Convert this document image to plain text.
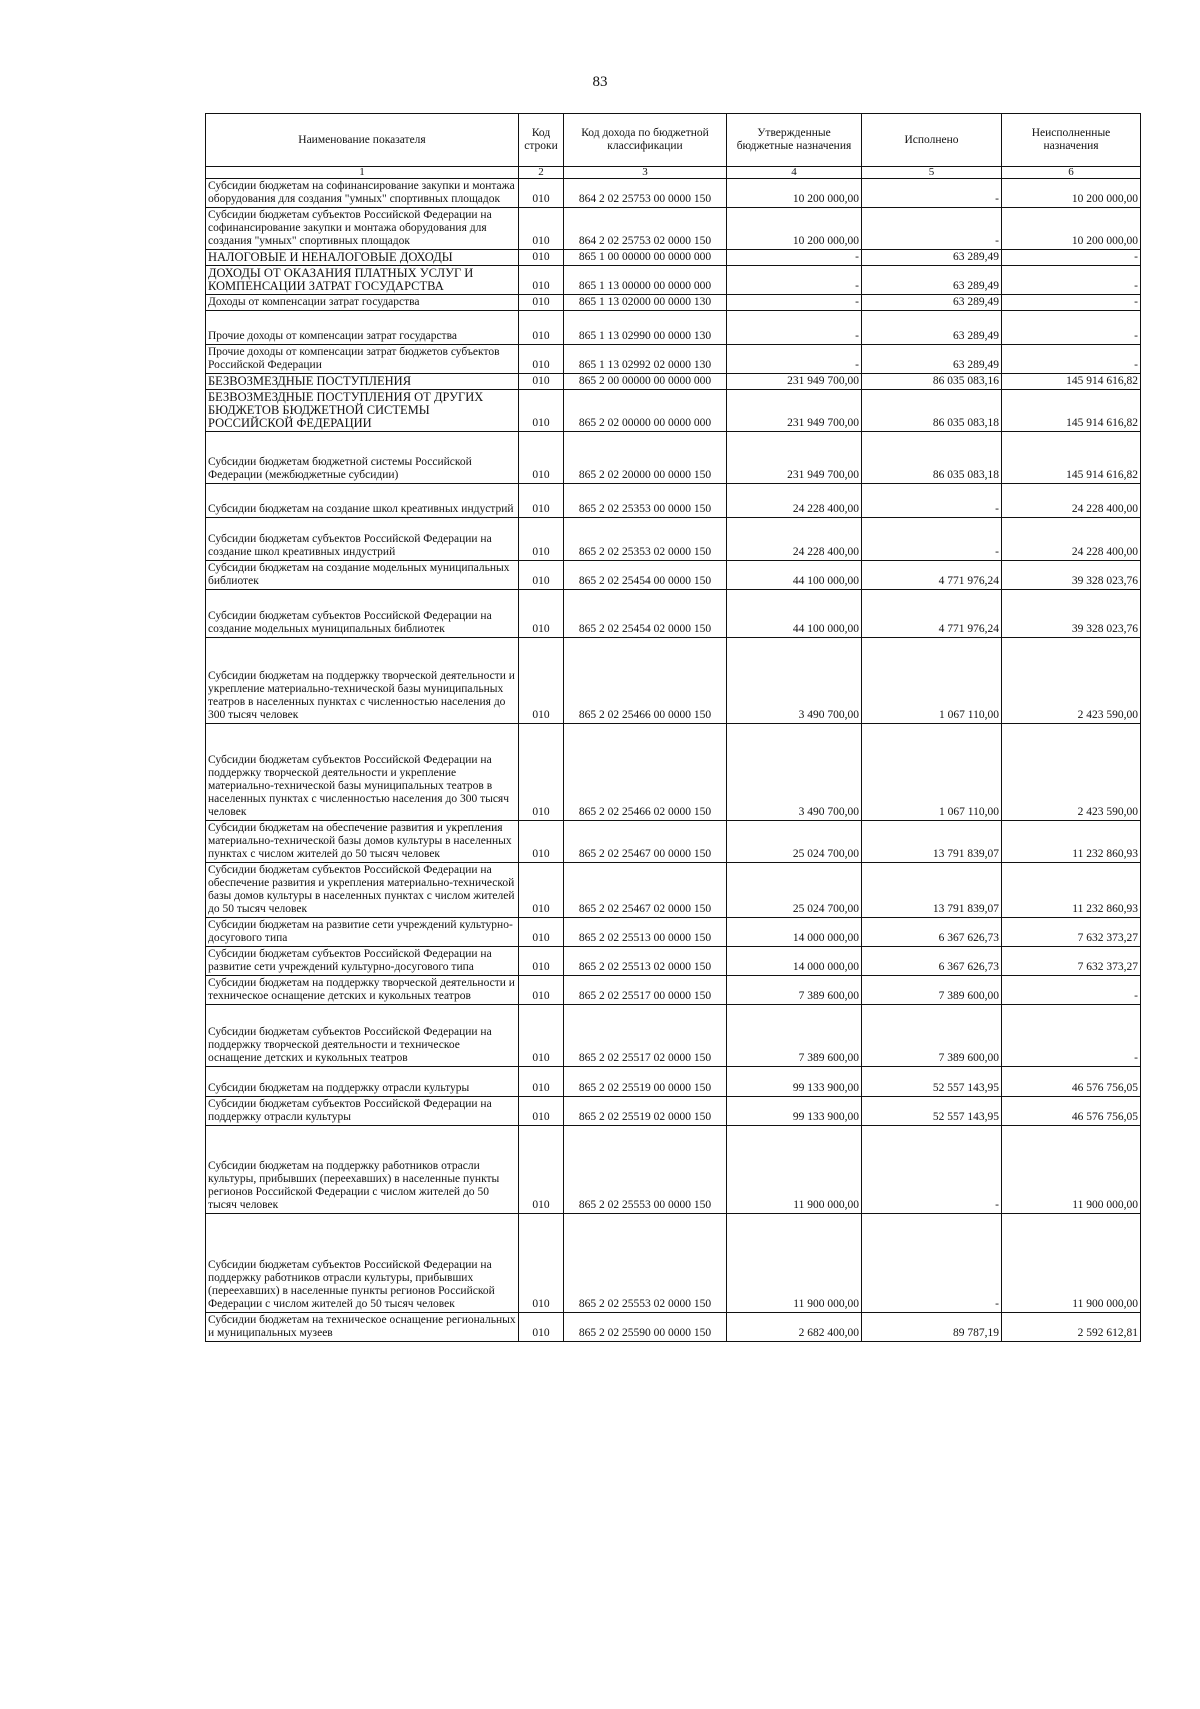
83
Наименование показателя	Код строки	Код дохода по бюджетной классификации	Утвержденные бюджетные назначения	Исполнено	Неисполненные назначения
1	2	3	4	5	6
Субсидии бюджетам на софинансирование закупки и монтажа оборудования для создания "умных" спортивных площадок	010	864 2 02 25753 00 0000 150	10 200 000,00	-	10 200 000,00
Субсидии бюджетам субъектов Российской Федерации на софинансирование закупки и монтажа оборудования для создания "умных" спортивных площадок	010	864 2 02 25753 02 0000 150	10 200 000,00	-	10 200 000,00
НАЛОГОВЫЕ И НЕНАЛОГОВЫЕ ДОХОДЫ	010	865 1 00 00000 00 0000 000	-	63 289,49	-
ДОХОДЫ ОТ ОКАЗАНИЯ ПЛАТНЫХ УСЛУГ И КОМПЕНСАЦИИ ЗАТРАТ ГОСУДАРСТВА	010	865 1 13 00000 00 0000 000	-	63 289,49	-
Доходы от компенсации затрат государства	010	865 1 13 02000 00 0000 130	-	63 289,49	-
Прочие доходы от компенсации затрат государства	010	865 1 13 02990 00 0000 130	-	63 289,49	-
Прочие доходы от компенсации затрат бюджетов субъектов Российской Федерации	010	865 1 13 02992 02 0000 130	-	63 289,49	-
БЕЗВОЗМЕЗДНЫЕ ПОСТУПЛЕНИЯ	010	865 2 00 00000 00 0000 000	231 949 700,00	86 035 083,16	145 914 616,82
БЕЗВОЗМЕЗДНЫЕ ПОСТУПЛЕНИЯ ОТ ДРУГИХ БЮДЖЕТОВ БЮДЖЕТНОЙ СИСТЕМЫ РОССИЙСКОЙ ФЕДЕРАЦИИ	010	865 2 02 00000 00 0000 000	231 949 700,00	86 035 083,18	145 914 616,82
Субсидии бюджетам бюджетной системы Российской Федерации (межбюджетные субсидии)	010	865 2 02 20000 00 0000 150	231 949 700,00	86 035 083,18	145 914 616,82
Субсидии бюджетам на создание школ креативных индустрий	010	865 2 02 25353 00 0000 150	24 228 400,00	-	24 228 400,00
Субсидии бюджетам субъектов Российской Федерации на создание школ креативных индустрий	010	865 2 02 25353 02 0000 150	24 228 400,00	-	24 228 400,00
Субсидии бюджетам на создание модельных муниципальных библиотек	010	865 2 02 25454 00 0000 150	44 100 000,00	4 771 976,24	39 328 023,76
Субсидии бюджетам субъектов Российской Федерации на создание модельных муниципальных библиотек	010	865 2 02 25454 02 0000 150	44 100 000,00	4 771 976,24	39 328 023,76
Субсидии бюджетам на поддержку творческой деятельности и укрепление материально-технической базы муниципальных театров в населенных пунктах с численностью населения до 300 тысяч человек	010	865 2 02 25466 00 0000 150	3 490 700,00	1 067 110,00	2 423 590,00
Субсидии бюджетам субъектов Российской Федерации на поддержку творческой деятельности и укрепление материально-технической базы муниципальных театров в населенных пунктах с численностью населения до 300 тысяч человек	010	865 2 02 25466 02 0000 150	3 490 700,00	1 067 110,00	2 423 590,00
Субсидии бюджетам на обеспечение развития и укрепления материально-технической базы домов культуры в населенных пунктах с числом жителей до 50 тысяч человек	010	865 2 02 25467 00 0000 150	25 024 700,00	13 791 839,07	11 232 860,93
Субсидии бюджетам субъектов Российской Федерации на обеспечение развития и укрепления материально-технической базы домов культуры в населенных пунктах с числом жителей до 50 тысяч человек	010	865 2 02 25467 02 0000 150	25 024 700,00	13 791 839,07	11 232 860,93
Субсидии бюджетам на развитие сети учреждений культурно-досугового типа	010	865 2 02 25513 00 0000 150	14 000 000,00	6 367 626,73	7 632 373,27
Субсидии бюджетам субъектов Российской Федерации на развитие сети учреждений культурно-досугового типа	010	865 2 02 25513 02 0000 150	14 000 000,00	6 367 626,73	7 632 373,27
Субсидии бюджетам на поддержку творческой деятельности и техническое оснащение детских и кукольных театров	010	865 2 02 25517 00 0000 150	7 389 600,00	7 389 600,00	-
Субсидии бюджетам субъектов Российской Федерации на поддержку творческой деятельности и техническое оснащение детских и кукольных театров	010	865 2 02 25517 02 0000 150	7 389 600,00	7 389 600,00	-
Субсидии бюджетам на поддержку отрасли культуры	010	865 2 02 25519 00 0000 150	99 133 900,00	52 557 143,95	46 576 756,05
Субсидии бюджетам субъектов Российской Федерации на поддержку отрасли культуры	010	865 2 02 25519 02 0000 150	99 133 900,00	52 557 143,95	46 576 756,05
Субсидии бюджетам на поддержку работников отрасли культуры, прибывших (переехавших) в населенные пункты регионов Российской Федерации с числом жителей до 50 тысяч человек	010	865 2 02 25553 00 0000 150	11 900 000,00	-	11 900 000,00
Субсидии бюджетам субъектов Российской Федерации на поддержку работников отрасли культуры, прибывших (переехавших) в населенные пункты регионов Российской Федерации с числом жителей до 50 тысяч человек	010	865 2 02 25553 02 0000 150	11 900 000,00	-	11 900 000,00
Субсидии бюджетам на техническое оснащение региональных и муниципальных музеев	010	865 2 02 25590 00 0000 150	2 682 400,00	89 787,19	2 592 612,81
